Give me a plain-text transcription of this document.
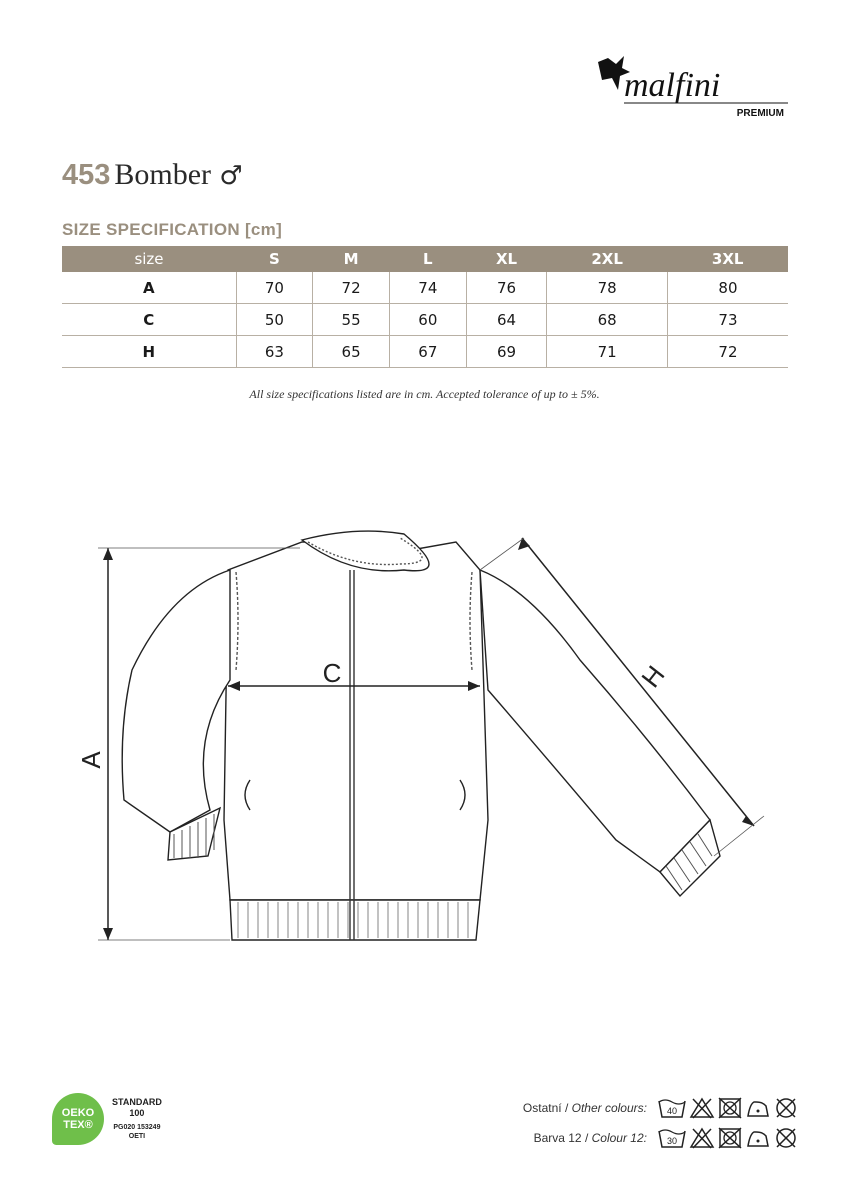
malfini
PREMIUM
453 Bomber ♂
SIZE SPECIFICATION [cm]
size	S	M	L	XL	2XL	3XL
A	70	72	74	76	78	80
C	50	55	60	64	68	73
H	63	65	67	69	71	72
All size specifications listed are in cm. Accepted tolerance of up to ± 5%.
A
C	H
OEKO
TEX®
STANDARD
100
PG020 153249
OETI
Ostatní / Other colours: 40
Barva 12 / Colour 12: 30
